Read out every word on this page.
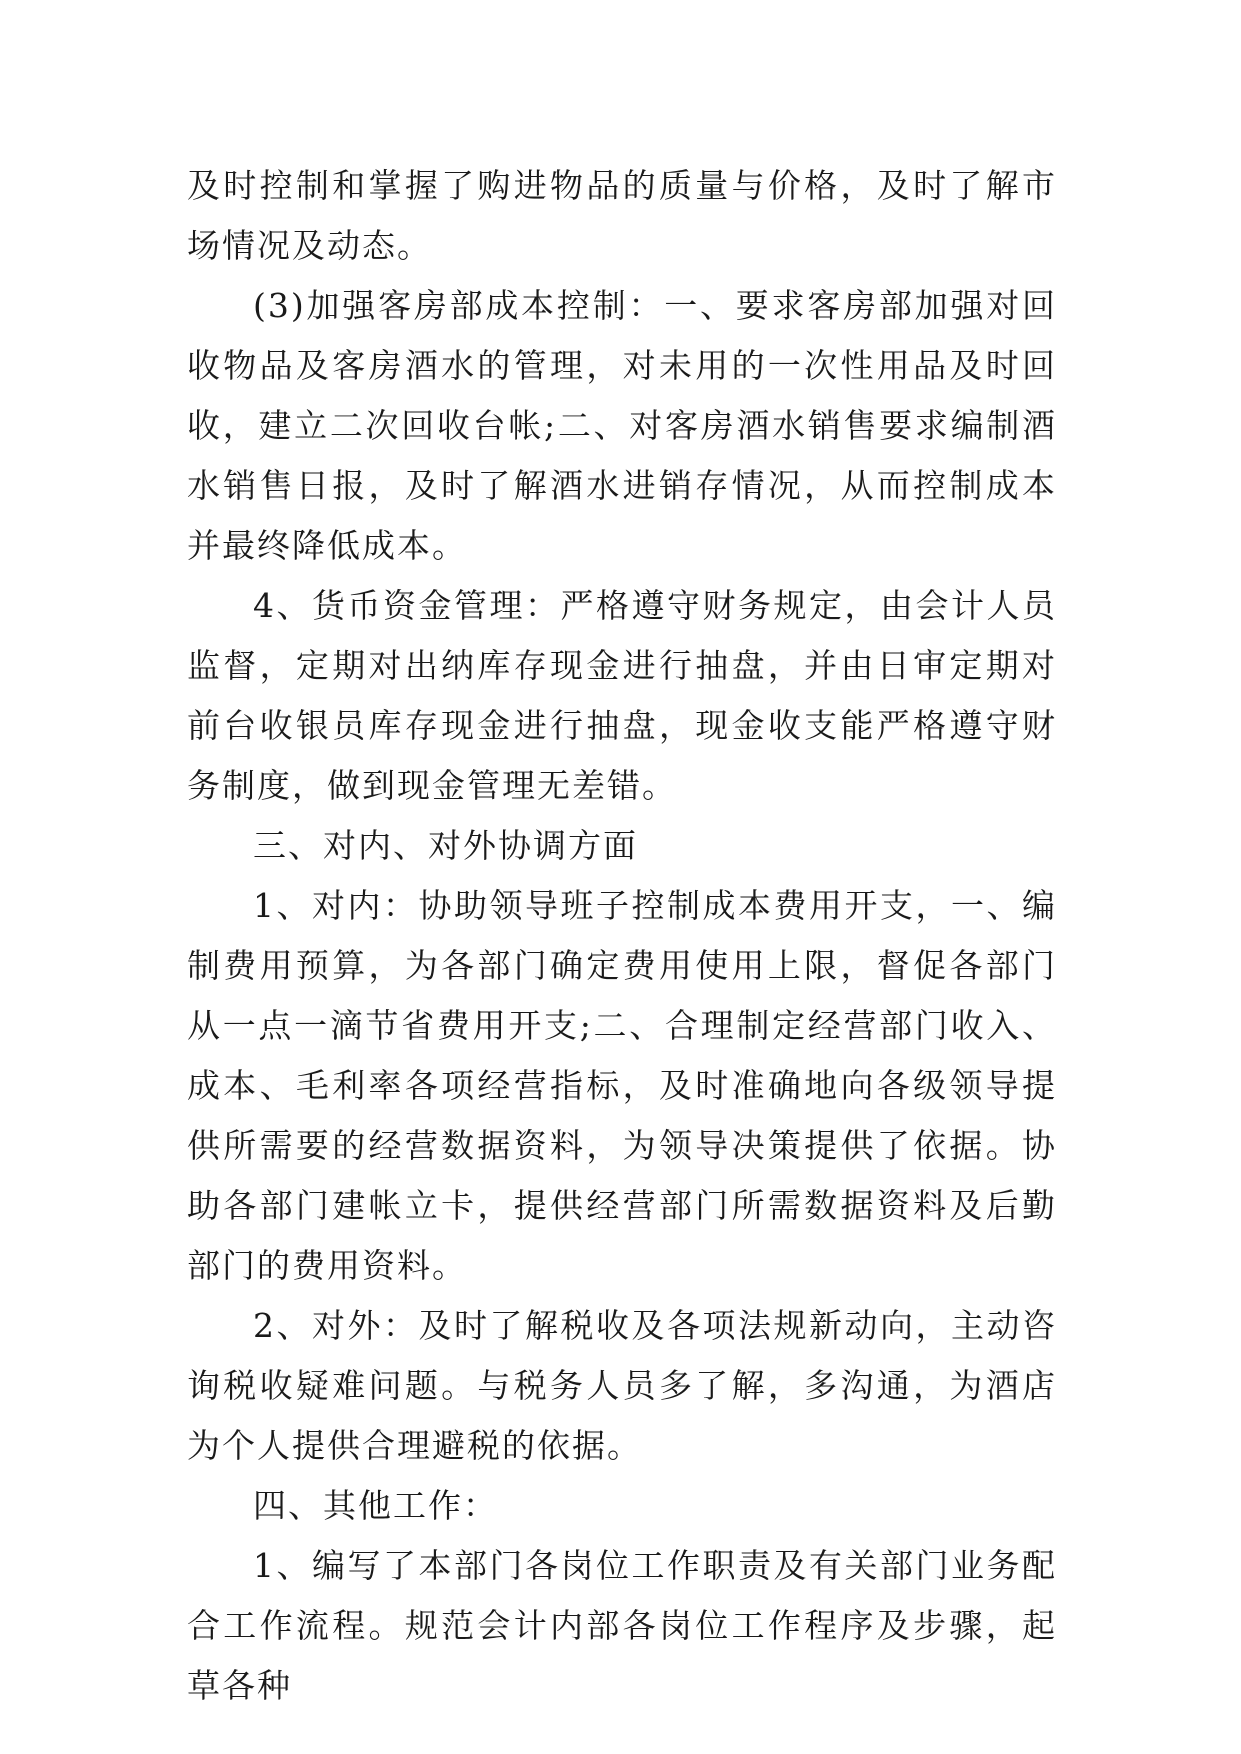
及时控制和掌握了购进物品的质量与价格，及时了解市场情况及动态。

(3)加强客房部成本控制：一、要求客房部加强对回收物品及客房酒水的管理，对未用的一次性用品及时回收，建立二次回收台帐;二、对客房酒水销售要求编制酒水销售日报，及时了解酒水进销存情况，从而控制成本并最终降低成本。

4、货币资金管理：严格遵守财务规定，由会计人员监督，定期对出纳库存现金进行抽盘，并由日审定期对前台收银员库存现金进行抽盘，现金收支能严格遵守财务制度，做到现金管理无差错。

三、对内、对外协调方面

1、对内：协助领导班子控制成本费用开支，一、编制费用预算，为各部门确定费用使用上限，督促各部门从一点一滴节省费用开支;二、合理制定经营部门收入、成本、毛利率各项经营指标，及时准确地向各级领导提供所需要的经营数据资料，为领导决策提供了依据。协助各部门建帐立卡，提供经营部门所需数据资料及后勤部门的费用资料。

2、对外：及时了解税收及各项法规新动向，主动咨询税收疑难问题。与税务人员多了解，多沟通，为酒店为个人提供合理避税的依据。

四、其他工作：

1、编写了本部门各岗位工作职责及有关部门业务配合工作流程。规范会计内部各岗位工作程序及步骤，起草各种
